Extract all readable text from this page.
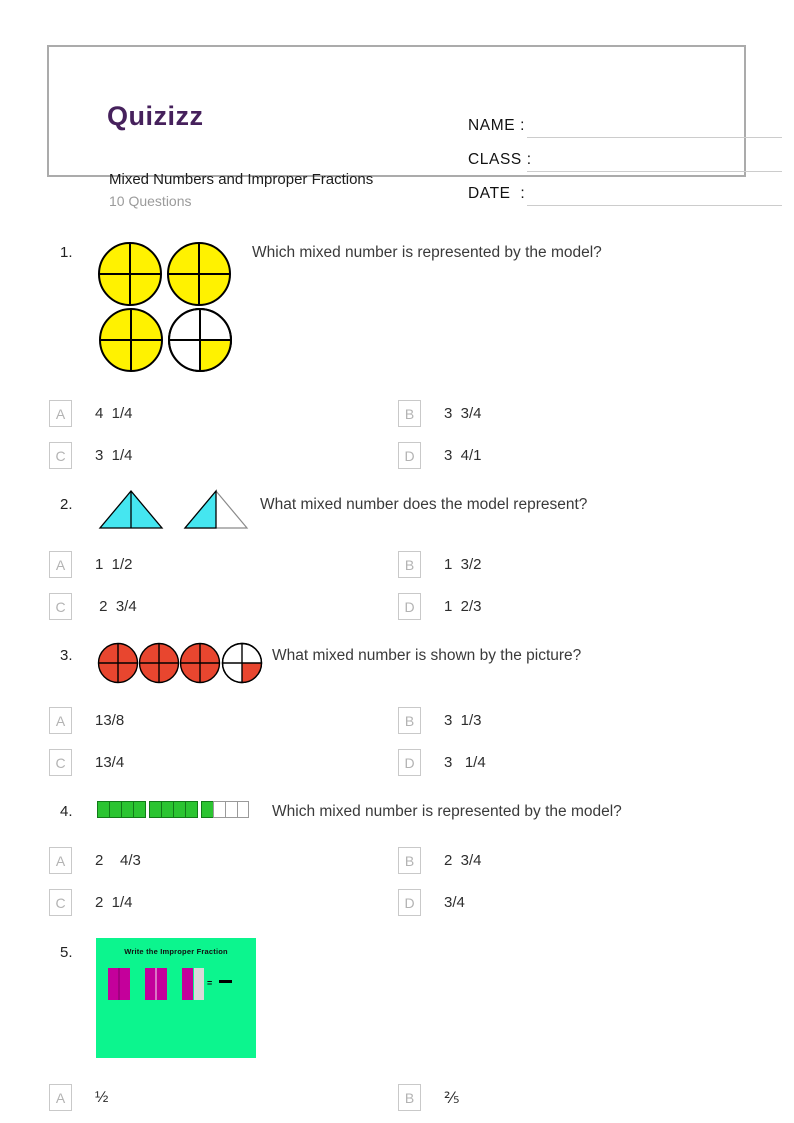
Quizizz
Mixed Numbers and Improper Fractions
10 Questions
NAME :
CLASS :
DATE  :
1.	Which mixed number is represented by the model?
A	4  1/4	B	3  3/4
C	3  1/4	D	3  4/1
2.	What mixed number does the model represent?
A	1  1/2	B	1  3/2
C	2  3/4	D	1  2/3
3.	What mixed number is shown by the picture?
A	13/8	B	3  1/3
C	13/4	D	3   1/4
4.	Which mixed number is represented by the model?
A	2    4/3	B	2  3/4
C	2  1/4	D	3/4
5.	Write the Improper Fraction
=
A	½	B	⅖
